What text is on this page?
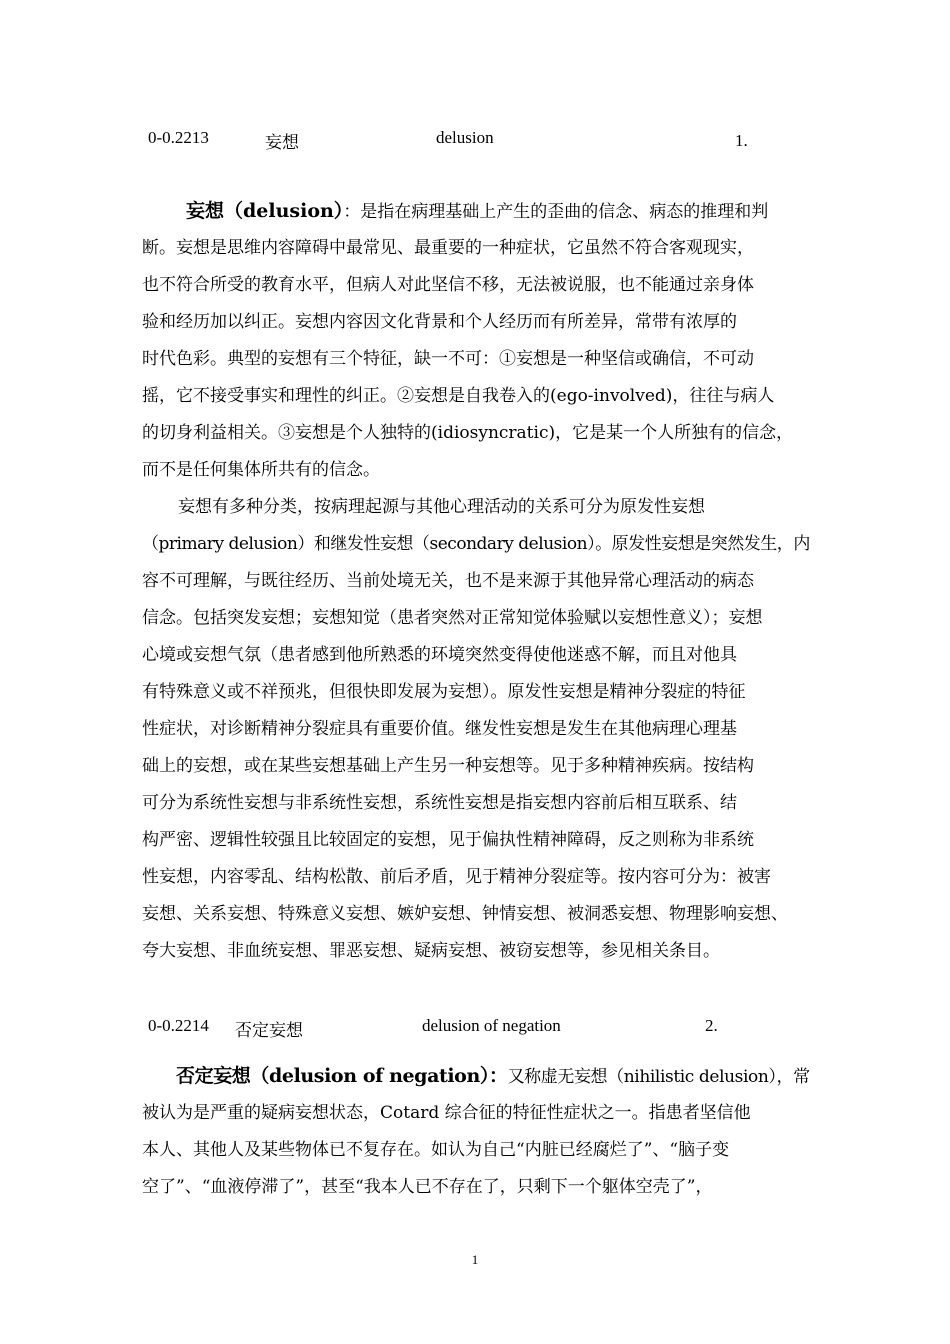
0-0.2213	妄想	delusion	1.
妄想（delusion）：是指在病理基础上产生的歪曲的信念、病态的推理和判
断。妄想是思维内容障碍中最常见、最重要的一种症状，它虽然不符合客观现实，
也不符合所受的教育水平，但病人对此坚信不移，无法被说服，也不能通过亲身体
验和经历加以纠正。妄想内容因文化背景和个人经历而有所差异，常带有浓厚的
时代色彩。典型的妄想有三个特征，缺一不可：①妄想是一种坚信或确信，不可动
摇，它不接受事实和理性的纠正。②妄想是自我卷入的(ego-involved)，往往与病人
的切身利益相关。③妄想是个人独特的(idiosyncratic)，它是某一个人所独有的信念，
而不是任何集体所共有的信念。
妄想有多种分类，按病理起源与其他心理活动的关系可分为原发性妄想
（primary delusion）和继发性妄想（secondary delusion）。原发性妄想是突然发生，内
容不可理解，与既往经历、当前处境无关，也不是来源于其他异常心理活动的病态
信念。包括突发妄想；妄想知觉（患者突然对正常知觉体验赋以妄想性意义）；妄想
心境或妄想气氛（患者感到他所熟悉的环境突然变得使他迷惑不解，而且对他具
有特殊意义或不祥预兆，但很快即发展为妄想）。原发性妄想是精神分裂症的特征
性症状，对诊断精神分裂症具有重要价值。继发性妄想是发生在其他病理心理基
础上的妄想，或在某些妄想基础上产生另一种妄想等。见于多种精神疾病。按结构
可分为系统性妄想与非系统性妄想，系统性妄想是指妄想内容前后相互联系、结
构严密、逻辑性较强且比较固定的妄想，见于偏执性精神障碍，反之则称为非系统
性妄想，内容零乱、结构松散、前后矛盾，见于精神分裂症等。按内容可分为：被害
妄想、关系妄想、特殊意义妄想、嫉妒妄想、钟情妄想、被洞悉妄想、物理影响妄想、
夸大妄想、非血统妄想、罪恶妄想、疑病妄想、被窃妄想等，参见相关条目。
0-0.2214 否定妄想	delusion of negation	2.
否定妄想（delusion of negation）：又称虚无妄想（nihilistic delusion），常
被认为是严重的疑病妄想状态，Cotard 综合征的特征性症状之一。指患者坚信他
本人、其他人及某些物体已不复存在。如认为自己“内脏已经腐烂了”、“脑子变
空了”、“血液停滞了”，甚至“我本人已不存在了，只剩下一个躯体空壳了”，
1
